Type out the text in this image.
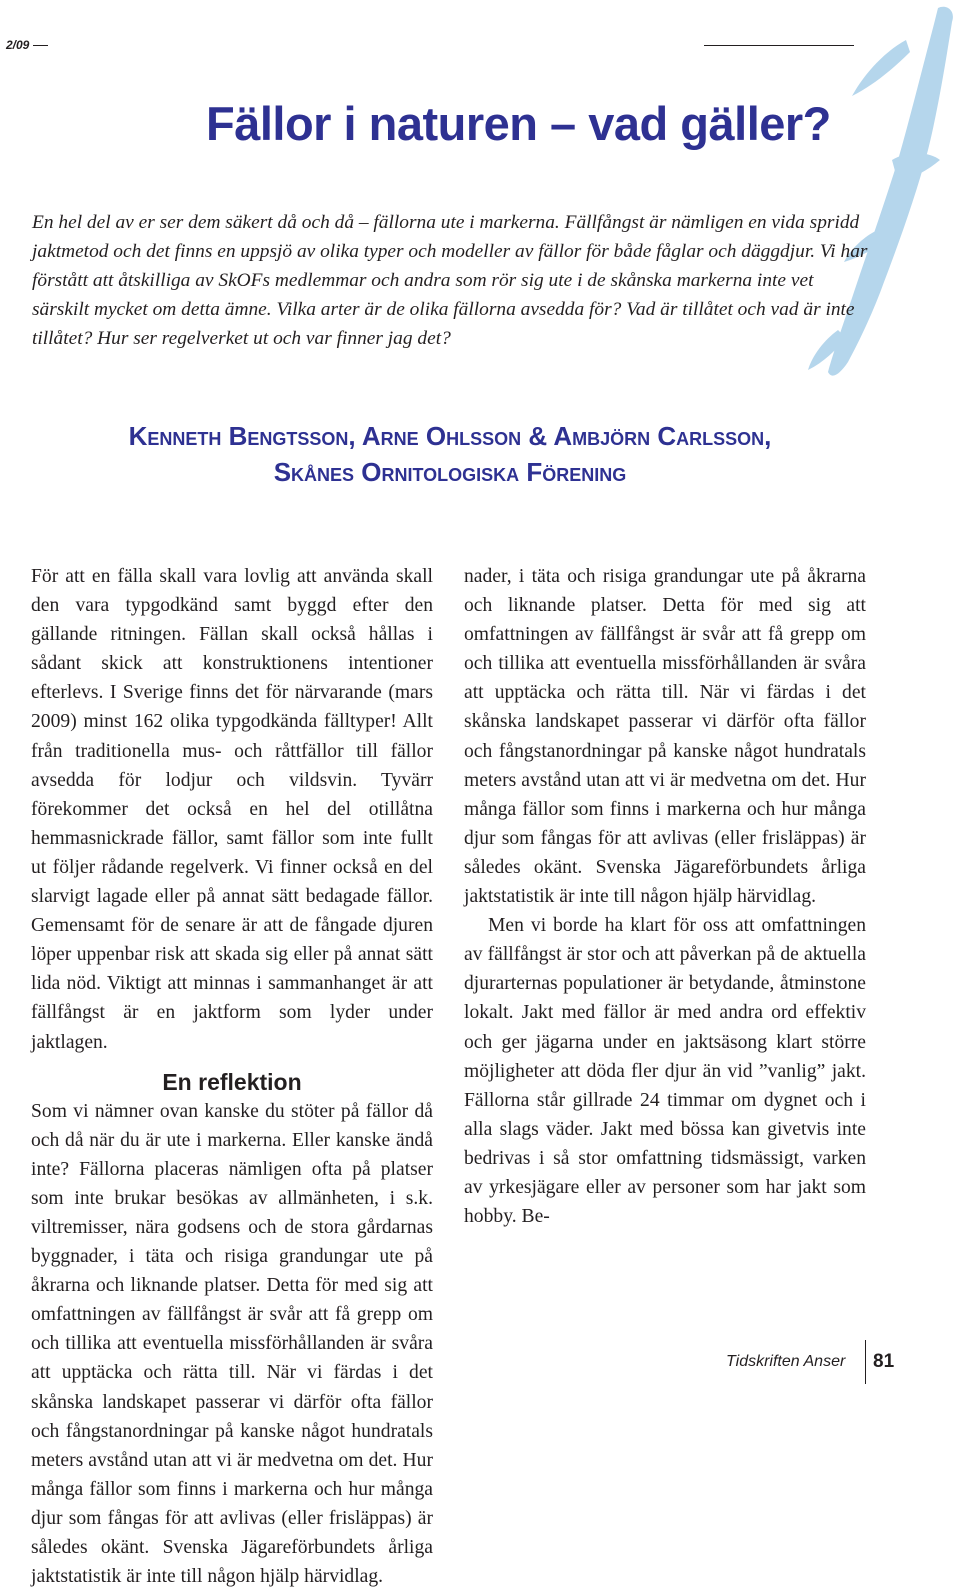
2/09
Fällor i naturen – vad gäller?

En hel del av er ser dem säkert då och då – fällorna ute i markerna. Fällfångst är nämligen en vida spridd jaktmetod och det finns en uppsjö av olika typer och modeller av fällor för både fåglar och däggdjur. Vi har förstått att åtskilliga av SkOFs medlemmar och andra som rör sig ute i de skånska markerna inte vet särskilt mycket om detta ämne. Vilka arter är de olika fällorna avsedda för? Vad är tillåtet och vad är inte tillåtet? Hur ser regelverket ut och var finner jag det?

Kenneth Bengtsson, Arne Ohlsson & Ambjörn Carlsson,
Skånes Ornitologiska Förening

För att en fälla skall vara lovlig att använda skall den vara typgodkänd samt byggd efter den gällande ritningen. Fällan skall också hållas i sådant skick att konstruktionens intentioner efterlevs. I Sverige finns det för närvarande (mars 2009) minst 162 olika typgodkända fälltyper! Allt från traditionella mus- och råttfällor till fällor avsedda för lodjur och vildsvin. Tyvärr förekommer det också en hel del otillåtna hemmasnickrade fällor, samt fällor som inte fullt ut följer rådande regelverk. Vi finner också en del slarvigt lagade eller på annat sätt bedagade fällor. Gemensamt för de senare är att de fångade djuren löper uppenbar risk att skada sig eller på annat sätt lida nöd. Viktigt att minnas i sammanhanget är att fällfångst är en jaktform som lyder under jaktlagen.

En reflektion

Som vi nämner ovan kanske du stöter på fällor då och då när du är ute i markerna. Eller kanske ändå inte? Fällorna placeras nämligen ofta på platser som inte brukar besökas av allmänheten, i s.k. viltremisser, nära godsens och de stora gårdarnas byggnader, i täta och risiga grandungar ute på åkrarna och liknande platser. Detta för med sig att omfattningen av fällfångst är svår att få grepp om och tillika att eventuella missförhållanden är svåra att upptäcka och rätta till. När vi färdas i det skånska landskapet passerar vi därför ofta fällor och fångstanordningar på kanske något hundratals meters avstånd utan att vi är medvetna om det. Hur många fällor som finns i markerna och hur många djur som fångas för att avlivas (eller frisläppas) är således okänt. Svenska Jägareförbundets årliga jaktstatistik är inte till någon hjälp härvidlag.

nader, i täta och risiga grandungar ute på åkrarna och liknande platser. Detta för med sig att omfattningen av fällfångst är svår att få grepp om och tillika att eventuella missförhållanden är svåra att upptäcka och rätta till. När vi färdas i det skånska landskapet passerar vi därför ofta fällor och fångstanordningar på kanske något hundratals meters avstånd utan att vi är medvetna om det. Hur många fällor som finns i markerna och hur många djur som fångas för att avlivas (eller frisläppas) är således okänt. Svenska Jägareförbundets årliga jaktstatistik är inte till någon hjälp härvidlag.

Men vi borde ha klart för oss att omfattningen av fällfångst är stor och att påverkan på de aktuella djurarternas populationer är betydande, åtminstone lokalt. Jakt med fällor är med andra ord effektiv och ger jägarna under en jaktsäsong klart större möjligheter att döda fler djur än vid ”vanlig” jakt. Fällorna står gillrade 24 timmar om dygnet och i alla slags väder. Jakt med bössa kan givetvis inte bedrivas i så stor omfattning tidsmässigt, varken av yrkesjägare eller av personer som har jakt som hobby. Be-

Tidskriften Anser 81
